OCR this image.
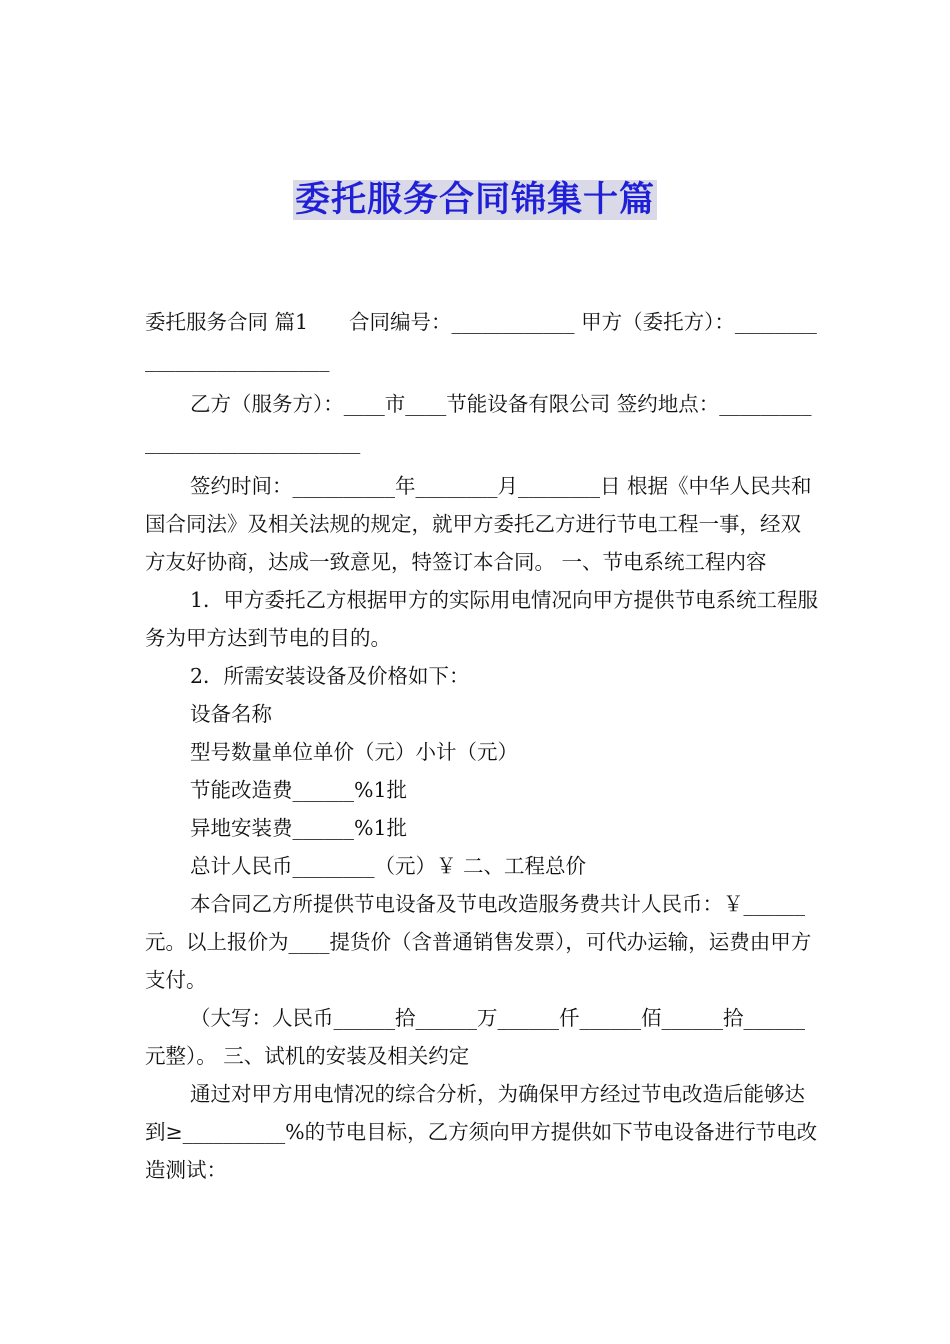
委托服务合同锦集十篇

委托服务合同 篇1　　合同编号：____________ 甲方（委托方）：__________________________

乙方（服务方）：____市____节能设备有限公司 签约地点：______________________________

签约时间：__________年________月________日 根据《中华人民共和国合同法》及相关法规的规定，就甲方委托乙方进行节电工程一事，经双方友好协商，达成一致意见，特签订本合同。 一、节电系统工程内容

1．甲方委托乙方根据甲方的实际用电情况向甲方提供节电系统工程服务为甲方达到节电的目的。

2．所需安装设备及价格如下：

设备名称

型号数量单位单价（元）小计（元）

节能改造费______%1批

异地安装费______%1批

总计人民币________（元）￥ 二、工程总价

本合同乙方所提供节电设备及节电改造服务费共计人民币：￥______元。以上报价为____提货价（含普通销售发票），可代办运输，运费由甲方支付。

（大写：人民币______拾______万______仟______佰______拾______元整）。 三、试机的安装及相关约定

通过对甲方用电情况的综合分析，为确保甲方经过节电改造后能够达到≥__________%的节电目标，乙方须向甲方提供如下节电设备进行节电改造测试：
